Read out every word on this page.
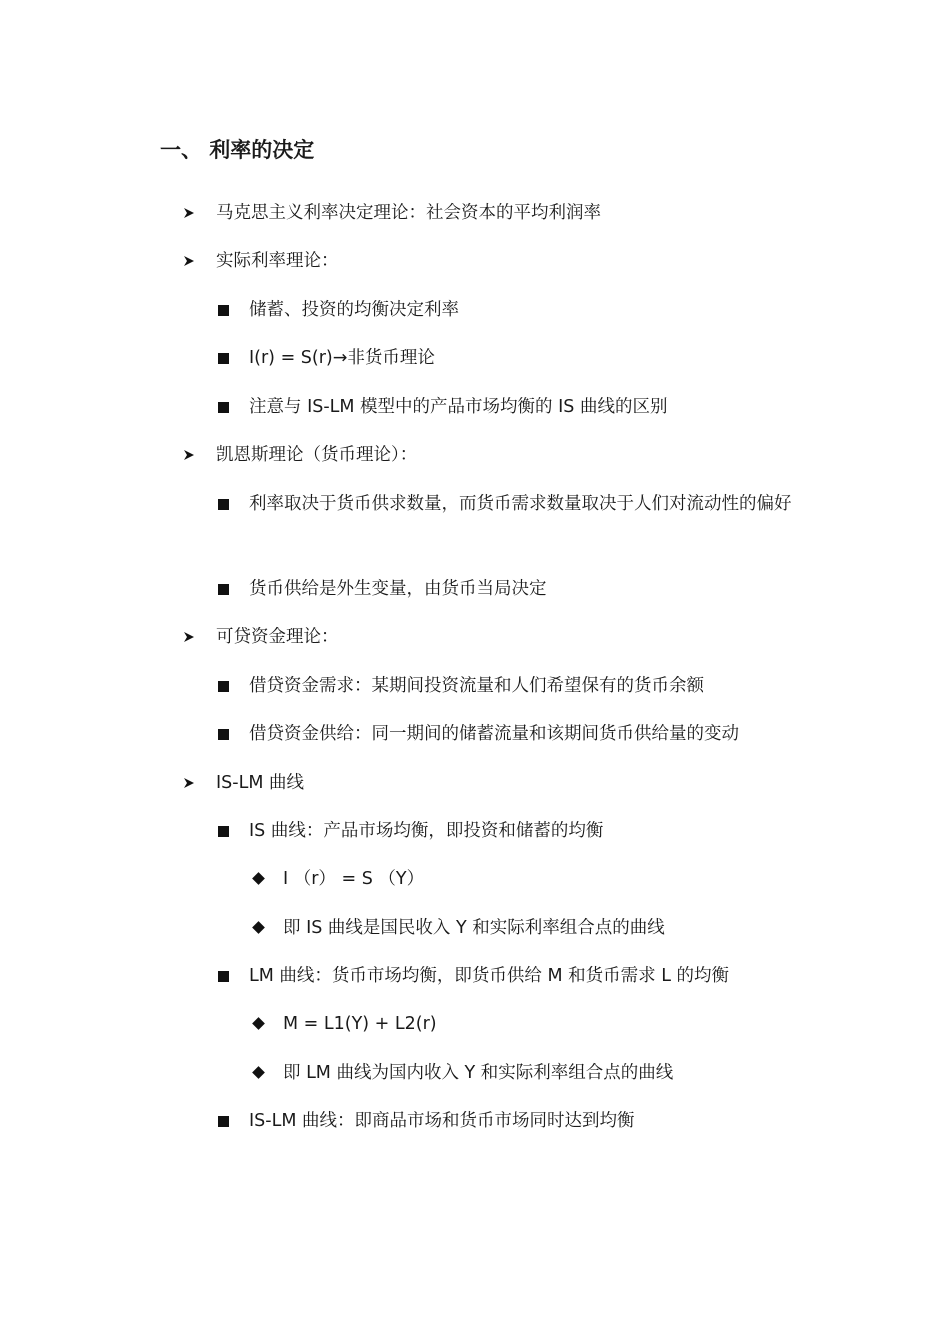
一、 利率的决定
马克思主义利率决定理论：社会资本的平均利润率
实际利率理论：
储蓄、投资的均衡决定利率
I(r) = S(r)→非货币理论
注意与 IS-LM 模型中的产品市场均衡的 IS 曲线的区别
凯恩斯理论（货币理论）：
利率取决于货币供求数量，而货币需求数量取决于人们对流动性的偏好
货币供给是外生变量，由货币当局决定
可贷资金理论：
借贷资金需求：某期间投资流量和人们希望保有的货币余额
借贷资金供给：同一期间的储蓄流量和该期间货币供给量的变动
IS-LM 曲线
IS 曲线：产品市场均衡，即投资和储蓄的均衡
I （r） = S （Y）
即 IS 曲线是国民收入 Y 和实际利率组合点的曲线
LM 曲线：货币市场均衡，即货币供给 M 和货币需求 L 的均衡
M = L1(Y) + L2(r)
即 LM 曲线为国内收入 Y 和实际利率组合点的曲线
IS-LM 曲线：即商品市场和货币市场同时达到均衡
